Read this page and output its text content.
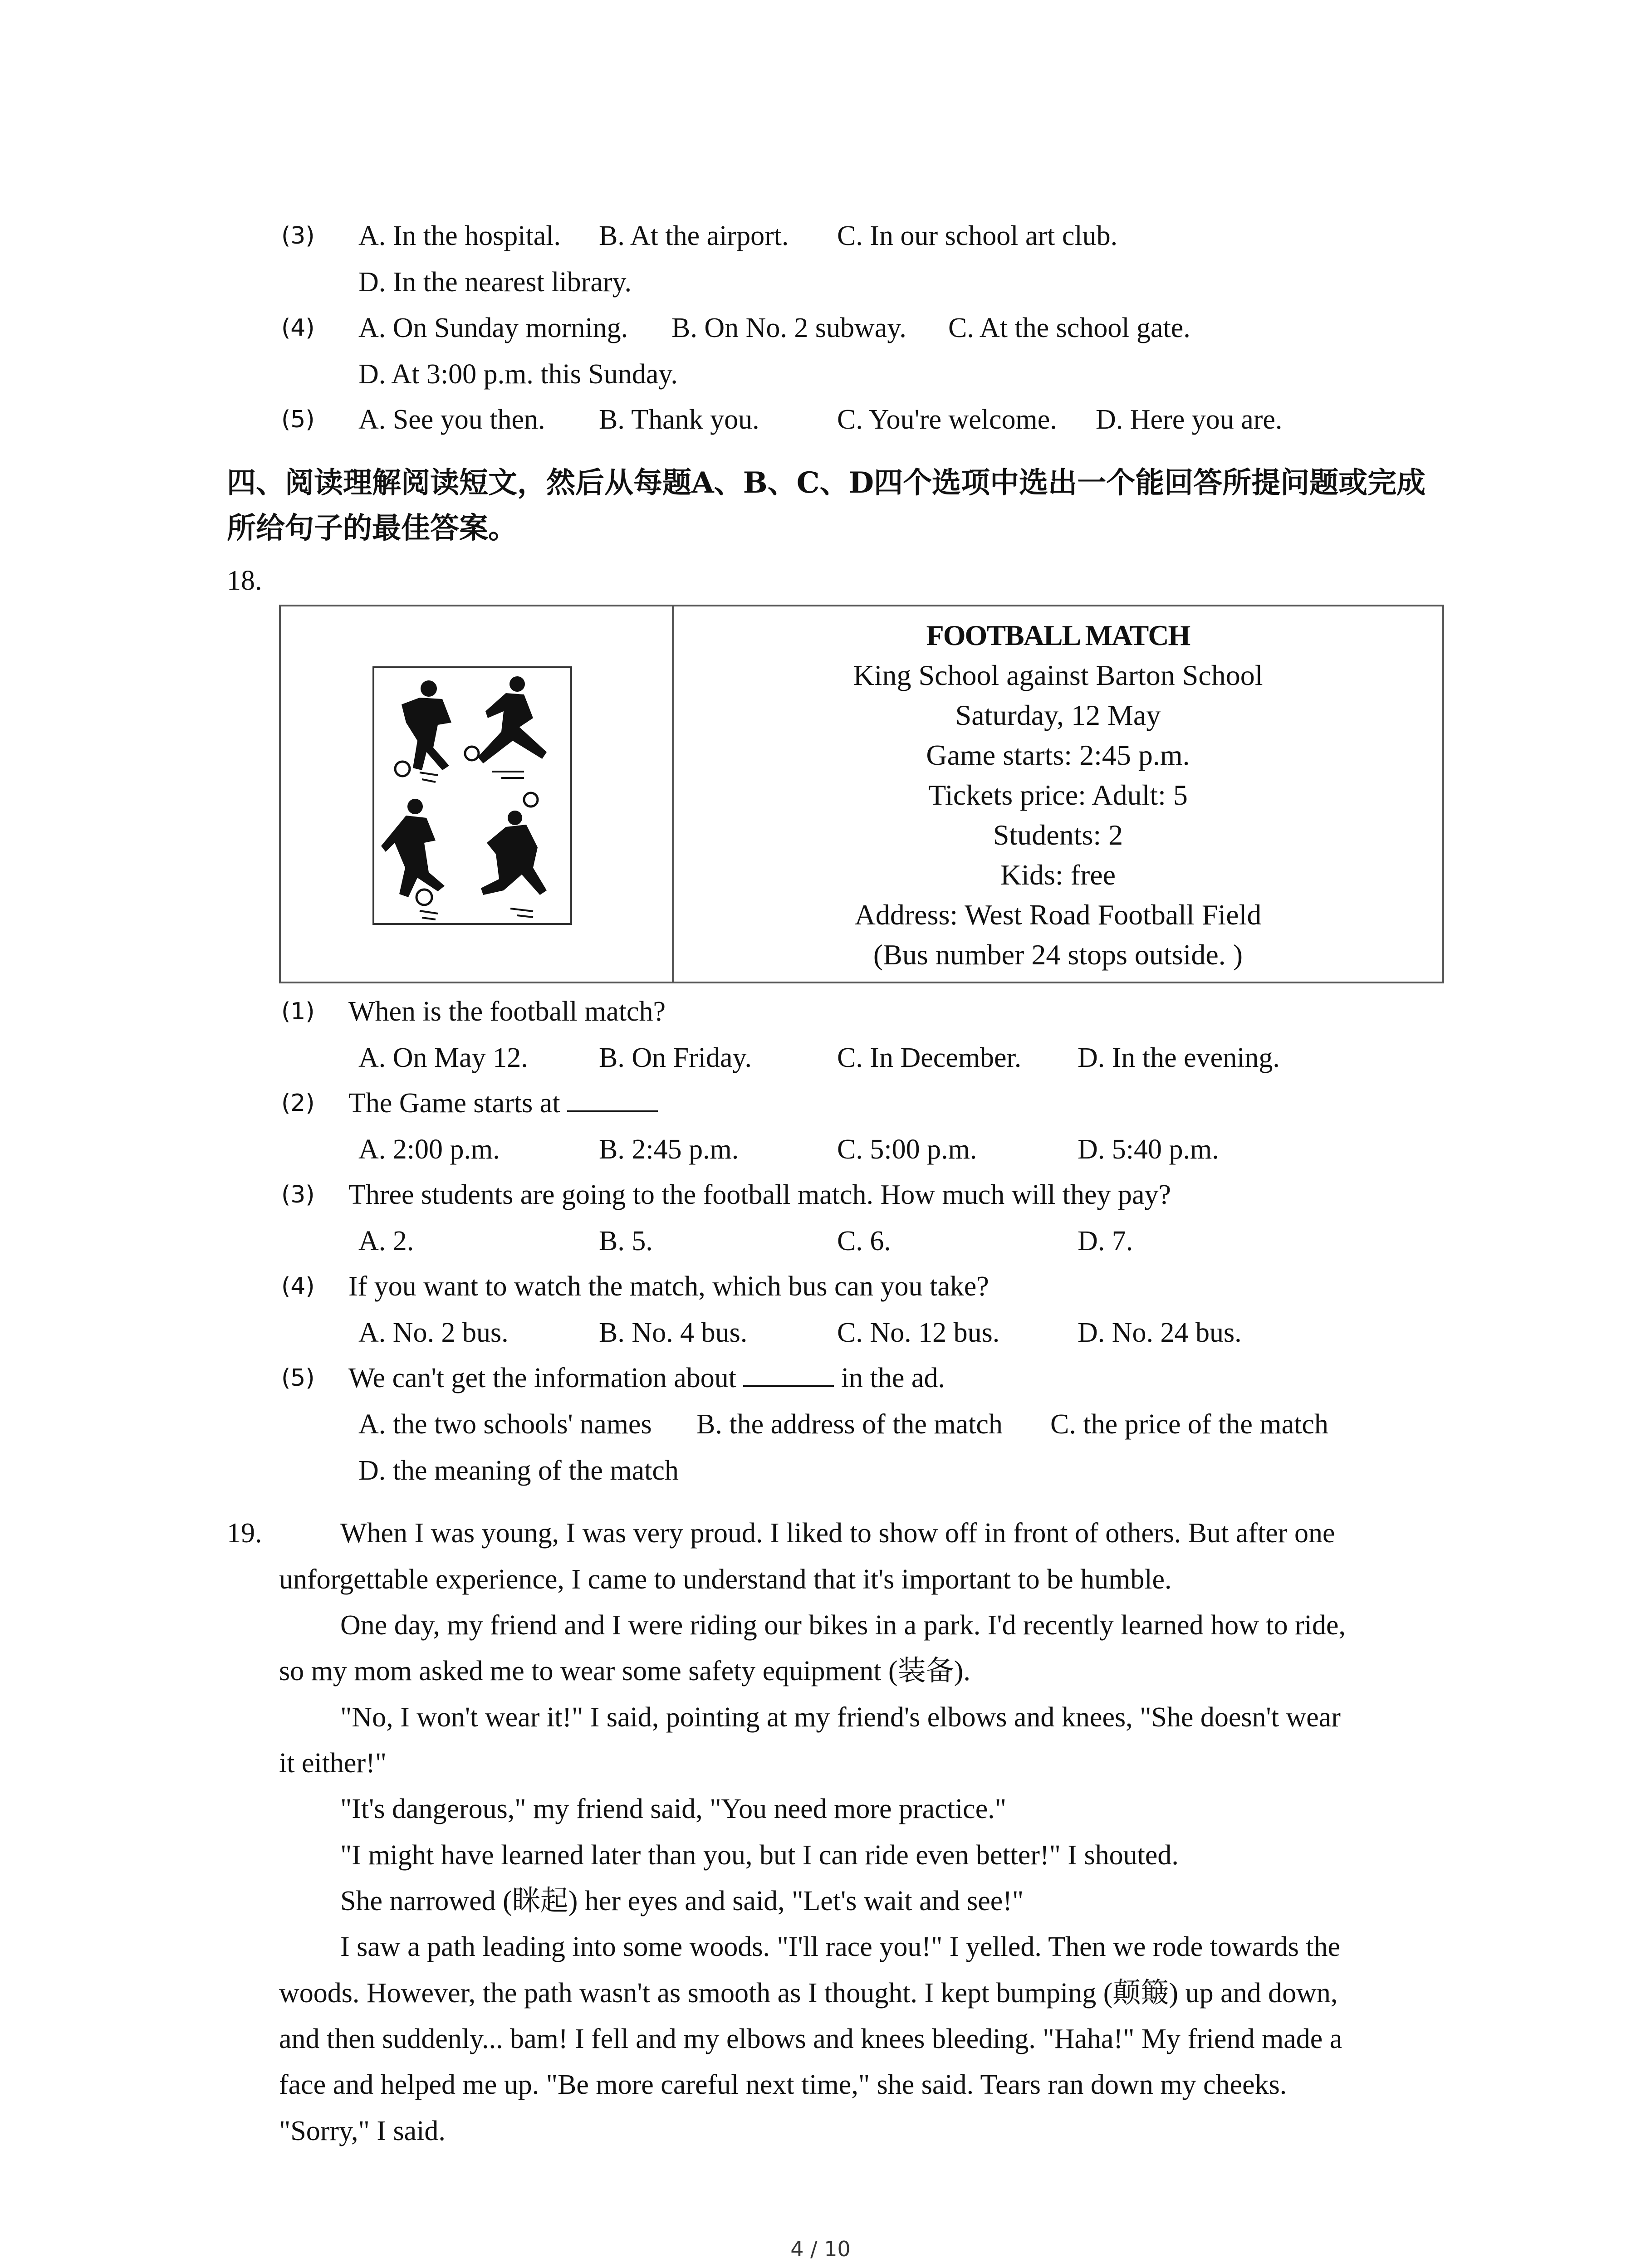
(3) A. In the hospital. B. At the airport. C. In our school art club.
D. In the nearest library.
(4) A. On Sunday morning. B. On No. 2 subway. C. At the school gate.
D. At 3:00 p.m. this Sunday.
(5) A. See you then. B. Thank you.	C. You're welcome. D. Here you are.
四、阅读理解阅读短文，然后从每题A、B、C、D四个选项中选出一个能回答所提问题或完成
所给句子的最佳答案。
18.
FOOTBALL MATCH
King School against Barton School
Saturday, 12 May
Game starts: 2:45 p.m.
Tickets price: Adult: 5
Students: 2
Kids: free
Address: West Road Football Field
(Bus number 24 stops outside. )
(1) When is the football match?
A. On May 12.	B. On Friday.	C. In December. D. In the evening.
(2) The Game starts at
A. 2:00 p.m.	B. 2:45 p.m.	C. 5:00 p.m.	D. 5:40 p.m.
(3) Three students are going to the football match. How much will they pay?
A. 2.	B. 5.	C. 6.	D. 7.
(4) If you want to watch the match, which bus can you take?
A. No. 2 bus.	B. No. 4 bus.	C. No. 12 bus.	D. No. 24 bus.
(5) We can't get the information about	in the ad.
A. the two schools' names B. the address of the match C. the price of the match
D. the meaning of the match
19.	When I was young, I was very proud. I liked to show off in front of others. But after one
unforgettable experience, I came to understand that it's important to be humble.
One day, my friend and I were riding our bikes in a park. I'd recently learned how to ride,
so my mom asked me to wear some safety equipment (装备).
"No, I won't wear it!" I said, pointing at my friend's elbows and knees, "She doesn't wear
it either!"
"It's dangerous," my friend said, "You need more practice."
"I might have learned later than you, but I can ride even better!" I shouted.
She narrowed (眯起) her eyes and said, "Let's wait and see!"
I saw a path leading into some woods. "I'll race you!" I yelled. Then we rode towards the
woods. However, the path wasn't as smooth as I thought. I kept bumping (颠簸) up and down,
and then suddenly... bam! I fell and my elbows and knees bleeding. "Haha!" My friend made a
face and helped me up. "Be more careful next time," she said. Tears ran down my cheeks.
"Sorry," I said.
4 / 10
